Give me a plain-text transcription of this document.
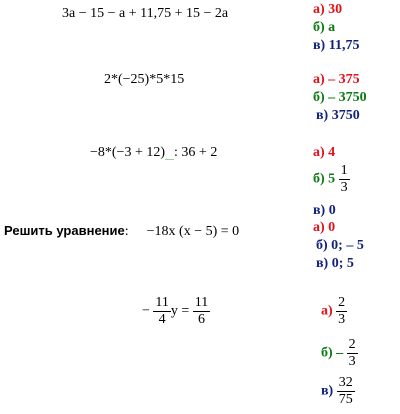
3a − 15 − a + 11,75 + 15 − 2a	а) 30
б) а
в) 11,75
2*(−25)*5*15	а) – 375
б) – 3750
в) 3750
$-8*(-3 + 12)_﹏$: 36 + 2	а) 4
б) $5 \frac{1}{3}$
в) 0
Решить уравнение: −18x (x − 5) = 0	а) 0
б) 0; – 5
в) 0; 5
− $\frac{11}{4}$ $y = \frac{11}{6}$	$а) \frac{2}{3}$
$б) - \frac{2}{3}$
$в) \frac{32}{75}$
